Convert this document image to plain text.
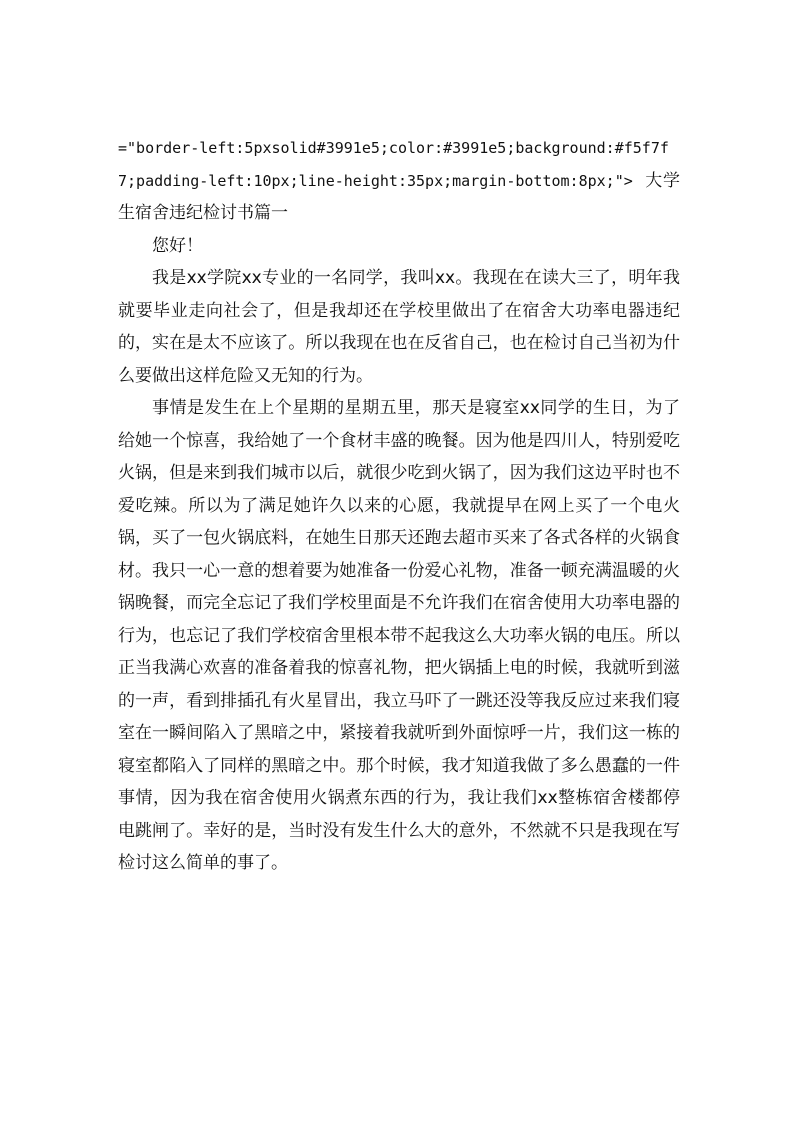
="border-left:5pxsolid#3991e5;color:#3991e5;background:#f5f7f7;padding-left:10px;line-height:35px;margin-bottom:8px;"> 大学生宿舍违纪检讨书篇一

您好！

我是xx学院xx专业的一名同学，我叫xx。我现在在读大三了，明年我就要毕业走向社会了，但是我却还在学校里做出了在宿舍大功率电器违纪的，实在是太不应该了。所以我现在也在反省自己，也在检讨自己当初为什么要做出这样危险又无知的行为。

事情是发生在上个星期的星期五里，那天是寝室xx同学的生日，为了给她一个惊喜，我给她了一个食材丰盛的晚餐。因为他是四川人，特别爱吃火锅，但是来到我们城市以后，就很少吃到火锅了，因为我们这边平时也不爱吃辣。所以为了满足她许久以来的心愿，我就提早在网上买了一个电火锅，买了一包火锅底料，在她生日那天还跑去超市买来了各式各样的火锅食材。我只一心一意的想着要为她准备一份爱心礼物，准备一顿充满温暖的火锅晚餐，而完全忘记了我们学校里面是不允许我们在宿舍使用大功率电器的行为，也忘记了我们学校宿舍里根本带不起我这么大功率火锅的电压。所以正当我满心欢喜的准备着我的惊喜礼物，把火锅插上电的时候，我就听到滋的一声，看到排插孔有火星冒出，我立马吓了一跳还没等我反应过来我们寝室在一瞬间陷入了黑暗之中，紧接着我就听到外面惊呼一片，我们这一栋的寝室都陷入了同样的黑暗之中。那个时候，我才知道我做了多么愚蠢的一件事情，因为我在宿舍使用火锅煮东西的行为，我让我们xx整栋宿舍楼都停电跳闸了。幸好的是，当时没有发生什么大的意外，不然就不只是我现在写检讨这么简单的事了。
